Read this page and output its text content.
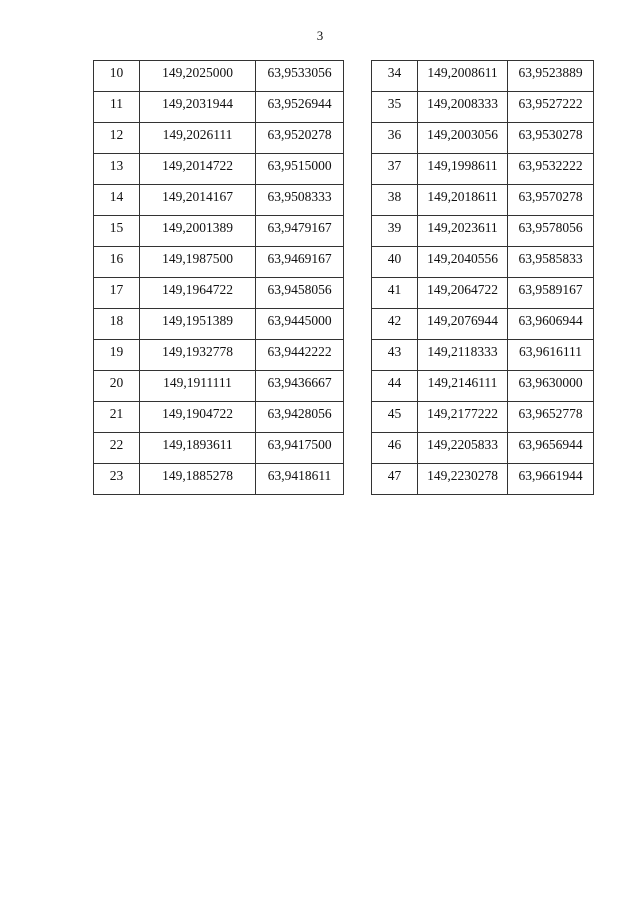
3
10	149,2025000	63,9533056		34	149,2008611	63,9523889
11	149,2031944	63,9526944		35	149,2008333	63,9527222
12	149,2026111	63,9520278		36	149,2003056	63,9530278
13	149,2014722	63,9515000		37	149,1998611	63,9532222
14	149,2014167	63,9508333		38	149,2018611	63,9570278
15	149,2001389	63,9479167		39	149,2023611	63,9578056
16	149,1987500	63,9469167		40	149,2040556	63,9585833
17	149,1964722	63,9458056		41	149,2064722	63,9589167
18	149,1951389	63,9445000		42	149,2076944	63,9606944
19	149,1932778	63,9442222		43	149,2118333	63,9616111
20	149,1911111	63,9436667		44	149,2146111	63,9630000
21	149,1904722	63,9428056		45	149,2177222	63,9652778
22	149,1893611	63,9417500		46	149,2205833	63,9656944
23	149,1885278	63,9418611		47	149,2230278	63,9661944
